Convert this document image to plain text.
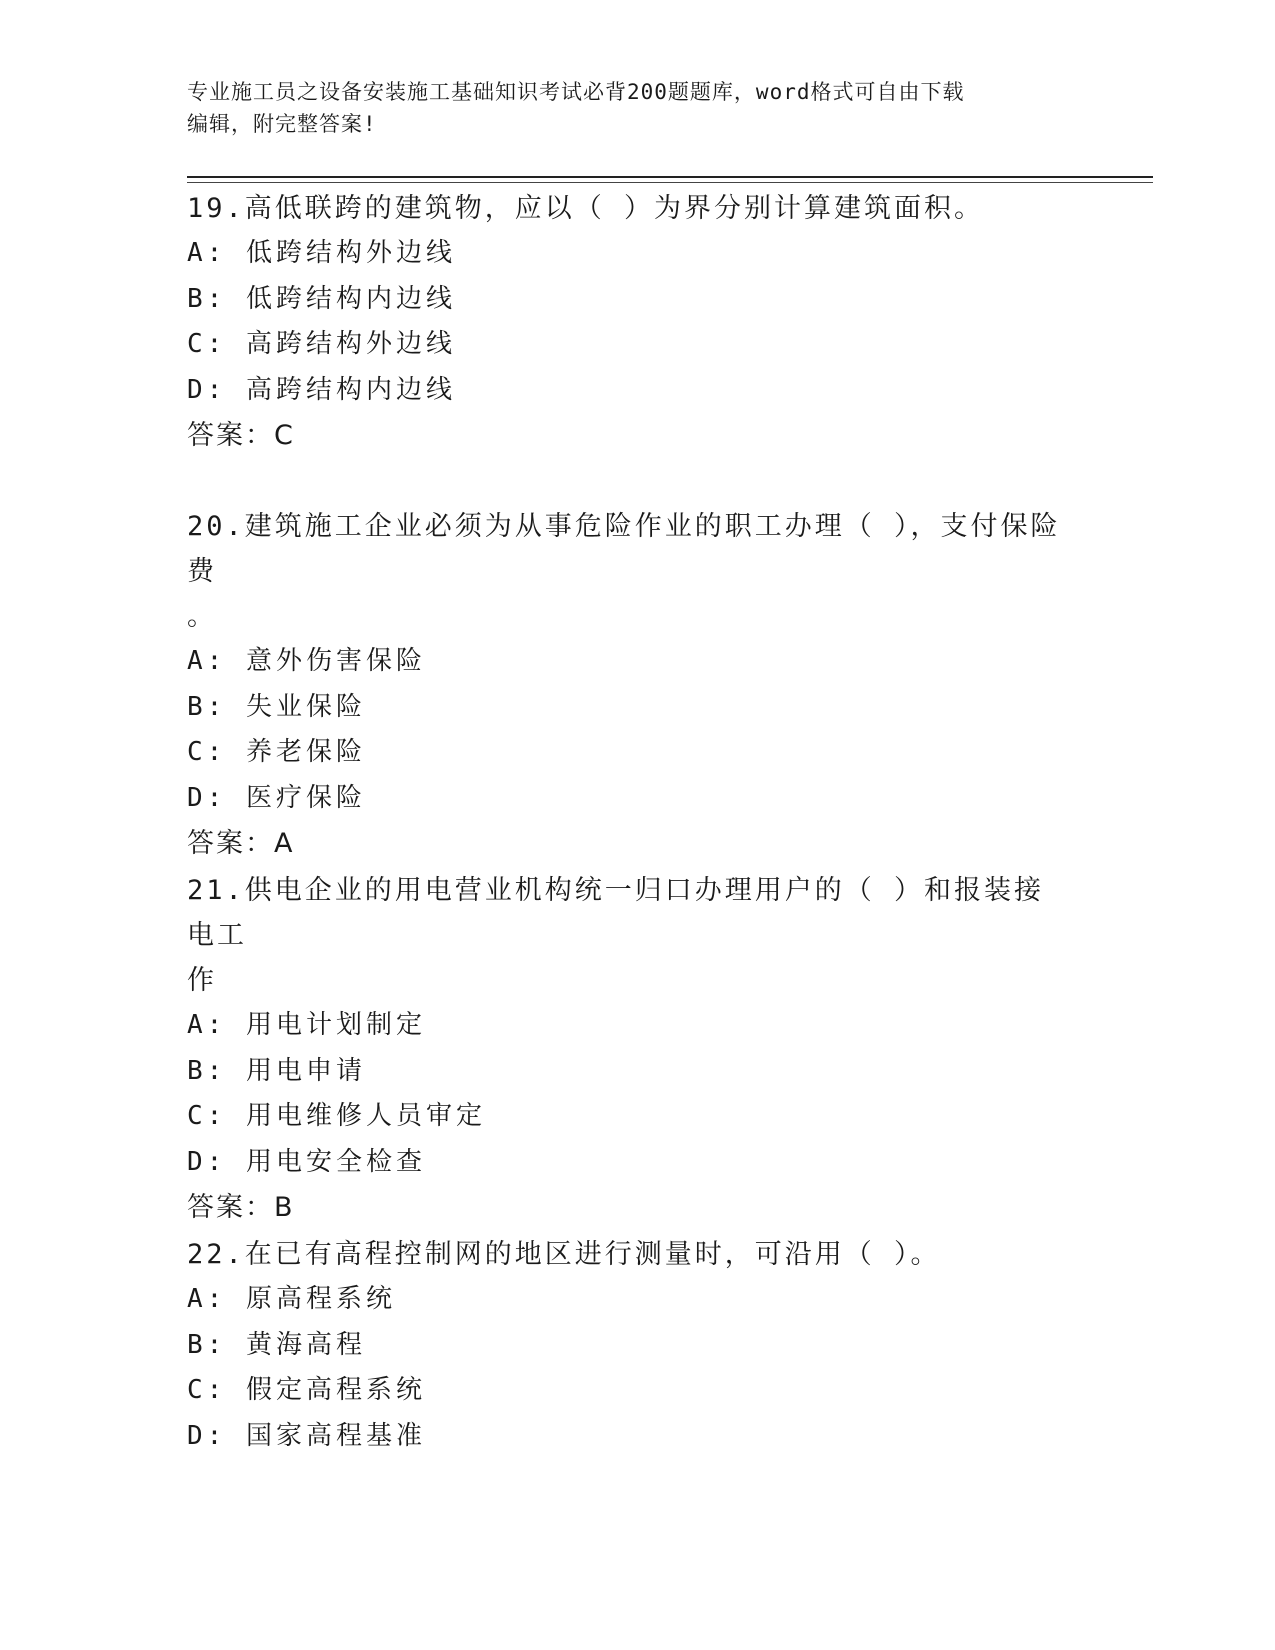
专业施工员之设备安装施工基础知识考试必背200题题库，word格式可自由下载
编辑，附完整答案!

19.高低联跨的建筑物，应以（ ）为界分别计算建筑面积。

A: 低跨结构外边线

B: 低跨结构内边线

C: 高跨结构外边线

D: 高跨结构内边线

答案：C

20.建筑施工企业必须为从事危险作业的职工办理（ ），支付保险费

。

A: 意外伤害保险

B: 失业保险

C: 养老保险

D: 医疗保险

答案：A

21.供电企业的用电营业机构统一归口办理用户的（ ）和报装接电工

作

A: 用电计划制定

B: 用电申请

C: 用电维修人员审定

D: 用电安全检查

答案：B

22.在已有高程控制网的地区进行测量时，可沿用（ ）。

A: 原高程系统

B: 黄海高程

C: 假定高程系统

D: 国家高程基准
